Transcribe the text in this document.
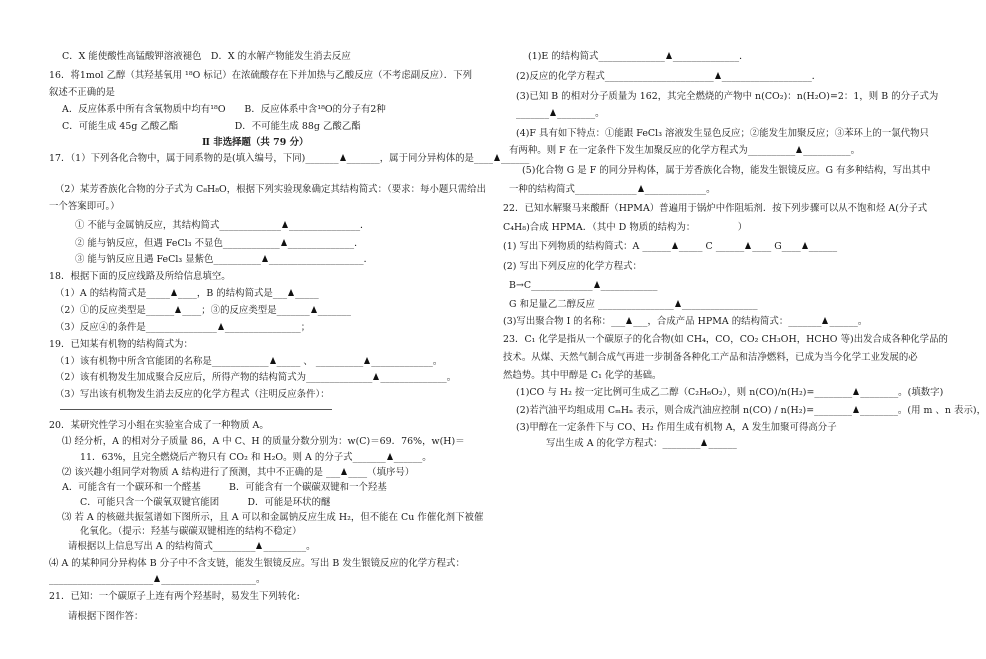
C．X 能使酸性高锰酸钾溶液褪色　D．X 的水解产物能发生消去反应
16．将1mol 乙醇（其羟基氧用 ¹⁸O 标记）在浓硫酸存在下并加热与乙酸反应（不考虑副反应）．下列
叙述不正确的是
A．反应体系中所有含氧物质中均有¹⁸O　　B．反应体系中含¹⁸O的分子有2种
C．可能生成 45g 乙酸乙酯　　　　　　D．不可能生成 88g 乙酸乙酯
Ⅱ 非选择题（共 79 分）
17．（1）下列各化合物中，属于同系物的是(填入编号，下同)_______ _______，属于同分异构体的是____ ______
（2）某芳香族化合物的分子式为 C₈H₈O，根据下列实验现象确定其结构简式：（要求：每小题只需给出
一个答案即可。）
① 不能与金属钠反应，其结构简式_____________ _______________．
② 能与钠反应，但遇 FeCl₃ 不显色____________ ______________．
③ 能与钠反应且遇 FeCl₃ 显紫色__________ ____________________．
18．根据下面的反应线路及所给信息填空。
（1）A 的结构简式是_____ ____，B 的结构简式是___ _____
（2）①的反应类型是______ ____；③的反应类型是_______ _______
（3）反应④的条件是_______________ ________________；
19．已知某有机物的结构简式为：
（1）该有机物中所含官能团的名称是____________ _____ 、 __________ _____________。
（2）该有机物发生加成聚合反应后，所得产物的结构简式为______________ ______________。
（3）写出该有机物发生消去反应的化学方程式（注明反应条件）：
20．某研究性学习小组在实验室合成了一种物质 A。
⑴ 经分析，A 的相对分子质量 86，A 中 C、H 的质量分数分别为：w(C)＝69．76%，w(H)＝
11．63%，且完全燃烧后产物只有 CO₂ 和 H₂O。则 A 的分子式_______ ______。
⑵ 该兴趣小组同学对物质 A 结构进行了预测，其中不正确的是 ___ ____（填序号）
A．可能含有一个碳环和一个醛基　　　B．可能含有一个碳碳双键和一个羟基
C．可能只含一个碳氧双键官能团　　　D．可能是环状的醚
⑶ 若 A 的核磁共振氢谱如下图所示，且 A 可以和金属钠反应生成 H₂，但不能在 Cu 作催化剂下被催
化氧化。（提示：羟基与碳碳双键相连的结构不稳定）
请根据以上信息写出 A 的结构简式_________ _________。
⑷ A 的某种同分异构体 B 分子中不含支链，能发生银镜反应。写出 B 发生银镜反应的化学方程式：
______________________ ____________________。
21．已知：一个碳原子上连有两个羟基时，易发生下列转化:
请根据下图作答：
(1)E 的结构简式______________ ______________．
(2)反应的化学方程式_______________________ ___________________．
(3)已知 B 的相对分子质量为 162，其完全燃烧的产物中 n(CO₂)：n(H₂O)=2：1，则 B 的分子式为
_______ ________。
(4)F 具有如下特点：①能跟 FeCl₃ 溶液发生显色反应；②能发生加聚反应；③苯环上的一氯代物只
有两种。则 F 在一定条件下发生加聚反应的化学方程式为__________ __________。
(5)化合物 G 是 F 的同分异构体，属于芳香族化合物，能发生银镜反应。G 有多种结构，写出其中
一种的结构简式_____________ _____________。
22．已知水解聚马来酸酐（HPMA）普遍用于锅炉中作阻垢剂．按下列步骤可以从不饱和烃 A(分子式
C₄H₈)合成 HPMA．（其中 D 物质的结构为：　　　　　）
(1) 写出下列物质的结构简式：A ______ _____ C ______ ____ G____ ______
(2) 写出下列反应的化学方程式：
B→C_____________ ____________
G 和足量乙二醇反应 ________________ ________________
(3)写出聚合物 I 的名称：___ ___，合成产品 HPMA 的结构简式：_______ ______。
23．C₁ 化学是指从一个碳原子的化合物(如 CH₄，CO，CO₂ CH₃OH，HCHO 等)出发合成各种化学品的
技术。从煤、天然气制合成气再进一步制备各种化工产品和洁净燃料，已成为当今化学工业发展的必
然趋势。其中甲醇是 C₁ 化学的基础。
(1)CO 与 H₂ 按一定比例可生成乙二醇（C₂H₆O₂），则 n(CO)/n(H₂)=________ ________。(填数字)
(2)若汽油平均组成用 CₘHₙ 表示，则合成汽油应控制 n(CO) / n(H₂)=________ ________。(用 m 、n 表示)，
(3)甲醇在一定条件下与 CO、H₂ 作用生成有机物 A，A 发生加聚可得高分子
写出生成 A 的化学方程式：________ ______
